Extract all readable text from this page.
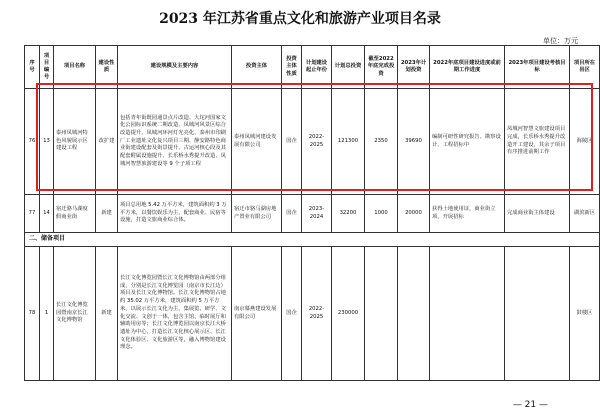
2023 年江苏省重点文化和旅游产业项目名录
单位：万元
序号	项目编号	项目名称	建设性质	建设规模及主要内容	投资主体	投资主体性质	计划建设起止年份	计划总投资	截至2022年底完成投资	2023年计划投资	2022年底项目建设进度或前期工作进度	2023年项目建设考核目标	项目所在县区
76	13	泰州凤城河特色风貌展示区建设工程	改扩建	包括青年街既园通景点片改造、大坨河国家文化公园标识系统二期改造、凤城河风景区综合改造提升、凤城河环河灯光亮化、泰州市印刷厂工业遗址文化复兴项目三期、静安路特色商业街建设配套及街景提升、古运河核心段及其配套附属设施提升、长乐桥水秀提升改造、凤城河智慧旅游建设等 9 个子项工程	泰州凤城河建设发展有限公司	国企	2022-2025	121300	2350	39690	编制可研性研究报告、勘察设计、工程招标中	凤城河智慧文旅建设项目完成，长乐桥水秀提升改造开工建设，其余子项目有序推进前期工作	海陵区
77	14	宿迁骆马湖度假商业街	新建	项目总用地 5.42 万平方米，建筑面积约 3 万平方米，以餐饮娱乐为主，配套商业、民宿等设施，打造文旅商业综合体。	宿迁市骆马湖房地产置业有限公司	国企	2023-2024	32200	1000	20000	获得土地使用证，商业街立项，开展招标	完成商业街主体建设	湖滨新区
二、储备项目													
78	1	长江文化博览园暨南京长江文化博物馆	新建	长江文化博览园暨长江文化博物馆由两部分组成，分别是长江文化博览园（南京市长江边）项目及长江文化博物馆。长江文化博物馆占地约 35.02 万平方米，建筑面积约 5 万平方米，以展示长江文化为主，集展览、研学、文化交流、文创于一体，包含主馆、临时展厅和辅助用房等；长江文化博览园以南京长江大桥遗址为中心，打造长江文化核心展示区、长江文化体验区、文化旅游区等，融入博物馆建设理念。	南京幕燕建设发展有限公司	国企	2022-2025	230000					鼓楼区
— 21 —
